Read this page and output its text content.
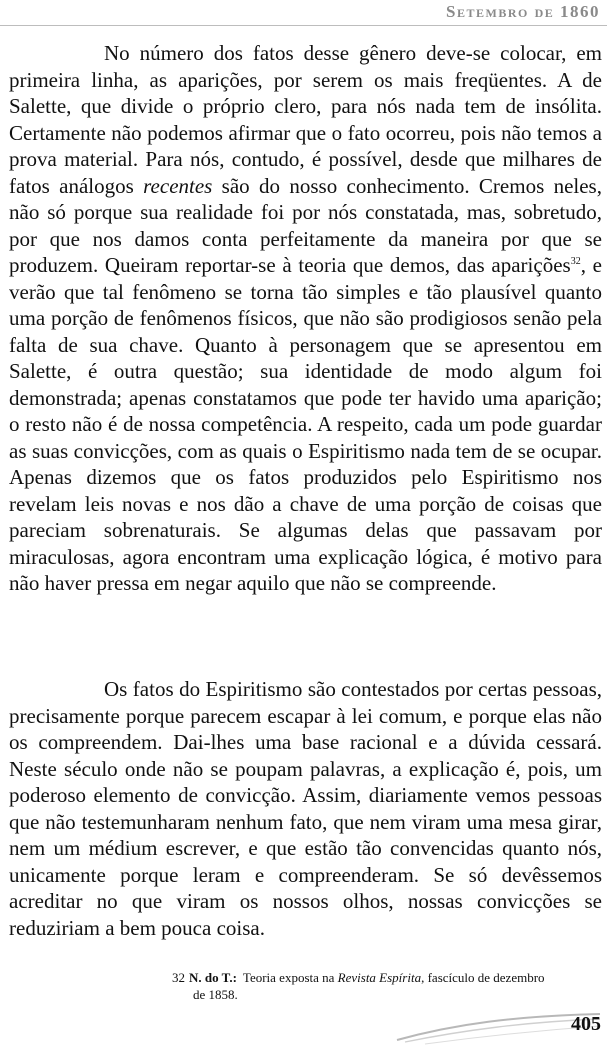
Setembro de 1860

No número dos fatos desse gênero deve-se colocar, em primeira linha, as aparições, por serem os mais freqüentes. A de Salette, que divide o próprio clero, para nós nada tem de insólita. Certamente não podemos afirmar que o fato ocorreu, pois não temos a prova material. Para nós, contudo, é possível, desde que milhares de fatos análogos recentes são do nosso conhecimento. Cremos neles, não só porque sua realidade foi por nós constatada, mas, sobretudo, por que nos damos conta perfeitamente da maneira por que se produzem. Queiram reportar-se à teoria que demos, das aparições$^{32}$, e verão que tal fenômeno se torna tão simples e tão plausível quanto uma porção de fenômenos físicos, que não são prodigiosos senão pela falta de sua chave. Quanto à personagem que se apresentou em Salette, é outra questão; sua identidade de modo algum foi demonstrada; apenas constatamos que pode ter havido uma aparição; o resto não é de nossa competência. A respeito, cada um pode guardar as suas convicções, com as quais o Espiritismo nada tem de se ocupar. Apenas dizemos que os fatos produzidos pelo Espiritismo nos revelam leis novas e nos dão a chave de uma porção de coisas que pareciam sobrenaturais. Se algumas delas que passavam por miraculosas, agora encontram uma explicação lógica, é motivo para não haver pressa em negar aquilo que não se compreende.

Os fatos do Espiritismo são contestados por certas pessoas, precisamente porque parecem escapar à lei comum, e porque elas não os compreendem. Dai-lhes uma base racional e a dúvida cessará. Neste século onde não se poupam palavras, a explicação é, pois, um poderoso elemento de convicção. Assim, diariamente vemos pessoas que não testemunharam nenhum fato, que nem viram uma mesa girar, nem um médium escrever, e que estão tão convencidas quanto nós, unicamente porque leram e compreenderam. Se só devêssemos acreditar no que viram os nossos olhos, nossas convicções se reduziriam a bem pouca coisa.

32 N. do T.: Teoria exposta na Revista Espírita, fascículo de dezembro
de 1858.

405
